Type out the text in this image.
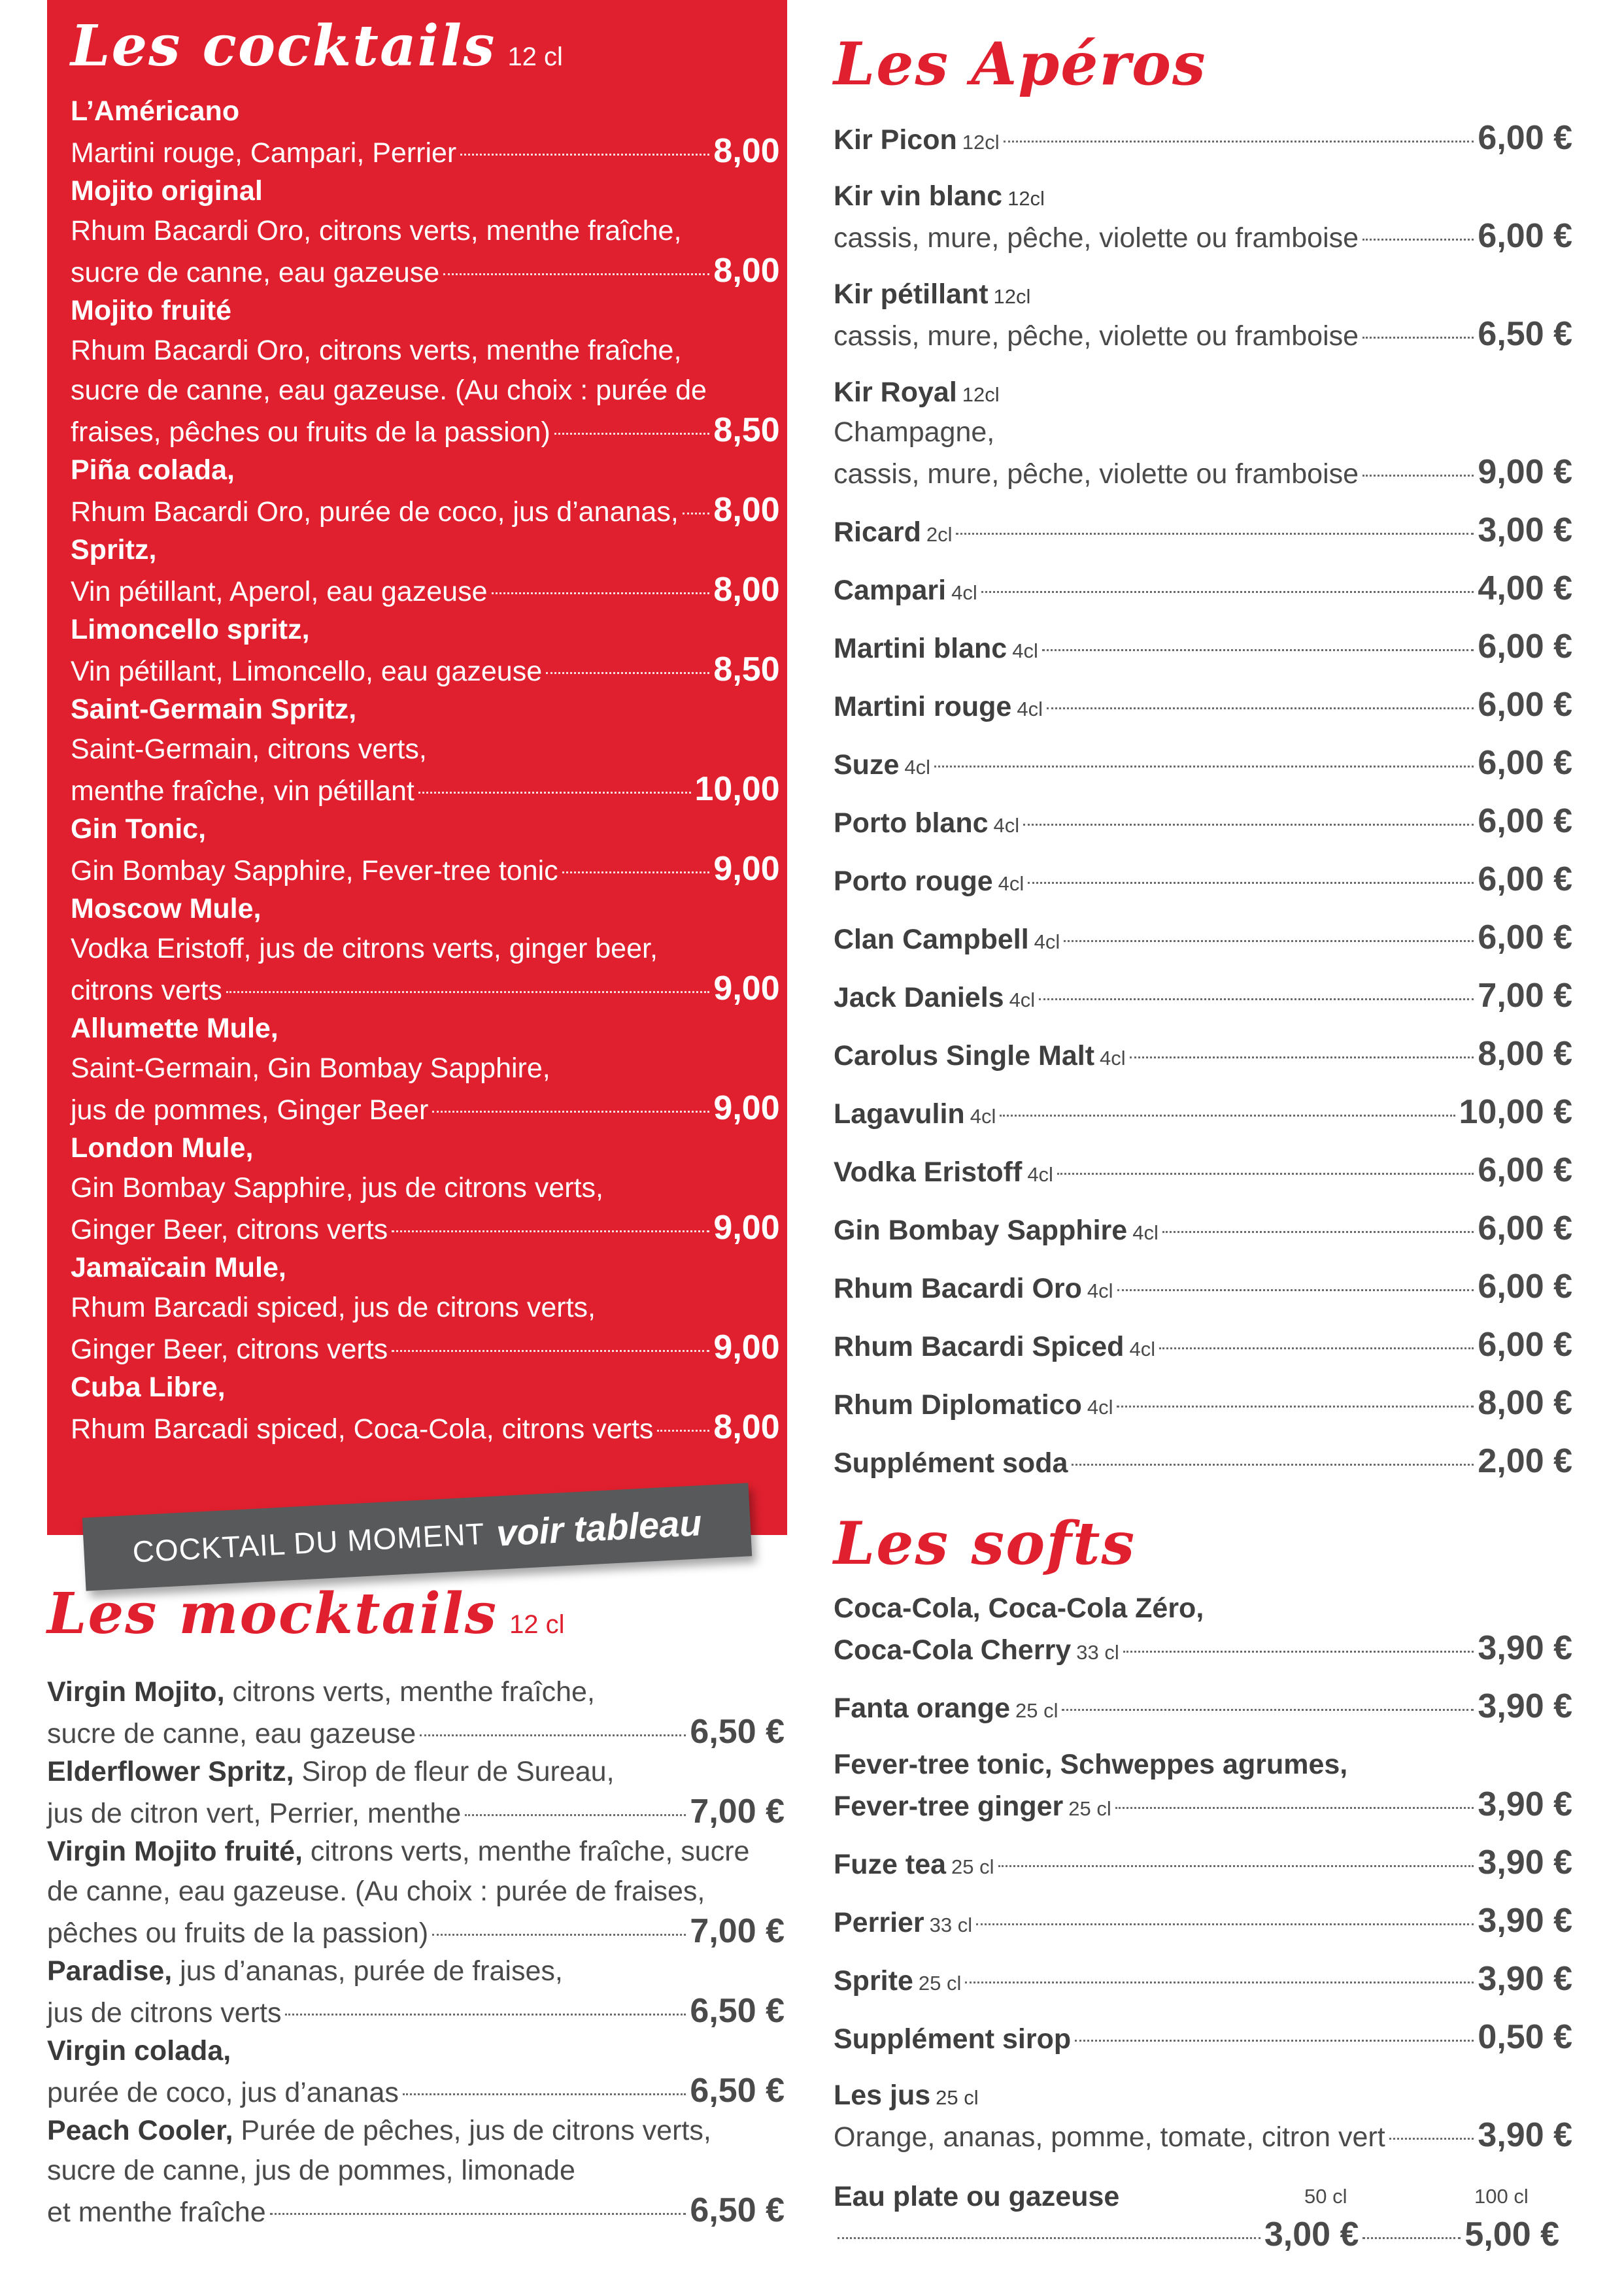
Les cocktails 12 cl
L’Américano
Martini rouge, Campari, Perrier	8,00 €
Mojito original
Rhum Bacardi Oro, citrons verts, menthe fraîche,
sucre de canne, eau gazeuse	8,00 €
Mojito fruité
Rhum Bacardi Oro, citrons verts, menthe fraîche,
sucre de canne, eau gazeuse. (Au choix : purée de
fraises, pêches ou fruits de la passion)	8,50 €
Piña colada,
Rhum Bacardi Oro, purée de coco, jus d’ananas, 8,00 €
Spritz,
Vin pétillant, Aperol, eau gazeuse	8,00 €
Limoncello spritz,
Vin pétillant, Limoncello, eau gazeuse	8,50 €
Saint-Germain Spritz,
Saint-Germain, citrons verts,
menthe fraîche, vin pétillant	10,00 €
Gin Tonic,
Gin Bombay Sapphire, Fever-tree tonic	9,00 €
Moscow Mule,
Vodka Eristoff, jus de citrons verts, ginger beer,
citrons verts	9,00 €
Allumette Mule,
Saint-Germain, Gin Bombay Sapphire,
jus de pommes, Ginger Beer	9,00 €
London Mule,
Gin Bombay Sapphire, jus de citrons verts,
Ginger Beer, citrons verts	9,00 €
Jamaïcain Mule,
Rhum Barcadi spiced, jus de citrons verts,
Ginger Beer, citrons verts	9,00 €
Cuba Libre,
Rhum Barcadi spiced, Coca-Cola, citrons verts 8,00 €
COCKTAIL DU MOMENT voir tableau
Les mocktails 12 cl
Virgin Mojito, citrons verts, menthe fraîche,
sucre de canne, eau gazeuse	6,50 €
Elderflower Spritz, Sirop de fleur de Sureau,
jus de citron vert, Perrier, menthe	7,00 €
Virgin Mojito fruité, citrons verts, menthe fraîche, sucre
de canne, eau gazeuse. (Au choix : purée de fraises,
pêches ou fruits de la passion)	7,00 €
Paradise, jus d’ananas, purée de fraises,
jus de citrons verts	6,50 €
Virgin colada,
purée de coco, jus d’ananas	6,50 €
Peach Cooler, Purée de pêches, jus de citrons verts,
sucre de canne, jus de pommes, limonade
et menthe fraîche	6,50 €
Les Apéros
Kir Picon 12cl	6,00 €
Kir vin blanc 12cl
cassis, mure, pêche, violette ou framboise	6,00 €
Kir pétillant 12cl
cassis, mure, pêche, violette ou framboise	6,50 €
Kir Royal 12cl
Champagne,
cassis, mure, pêche, violette ou framboise	9,00 €
Ricard 2cl	3,00 €
Campari 4cl	4,00 €
Martini blanc 4cl	6,00 €
Martini rouge 4cl	6,00 €
Suze 4cl	6,00 €
Porto blanc 4cl	6,00 €
Porto rouge 4cl	6,00 €
Clan Campbell 4cl	6,00 €
Jack Daniels 4cl	7,00 €
Carolus Single Malt 4cl	8,00 €
Lagavulin 4cl	10,00 €
Vodka Eristoff 4cl	6,00 €
Gin Bombay Sapphire 4cl	6,00 €
Rhum Bacardi Oro 4cl	6,00 €
Rhum Bacardi Spiced 4cl	6,00 €
Rhum Diplomatico 4cl	8,00 €
Supplément soda	2,00 €
Les softs
Coca-Cola, Coca-Cola Zéro,
Coca-Cola Cherry 33 cl	3,90 €
Fanta orange 25 cl	3,90 €
Fever-tree tonic, Schweppes agrumes,
Fever-tree ginger 25 cl	3,90 €
Fuze tea 25 cl	3,90 €
Perrier 33 cl	3,90 €
Sprite 25 cl	3,90 €
Supplément sirop	0,50 €
Les jus 25 cl
Orange, ananas, pomme, tomate, citron vert	3,90 €
Eau plate ou gazeuse	50 cl	100 cl
3,00 €	5,00 €
